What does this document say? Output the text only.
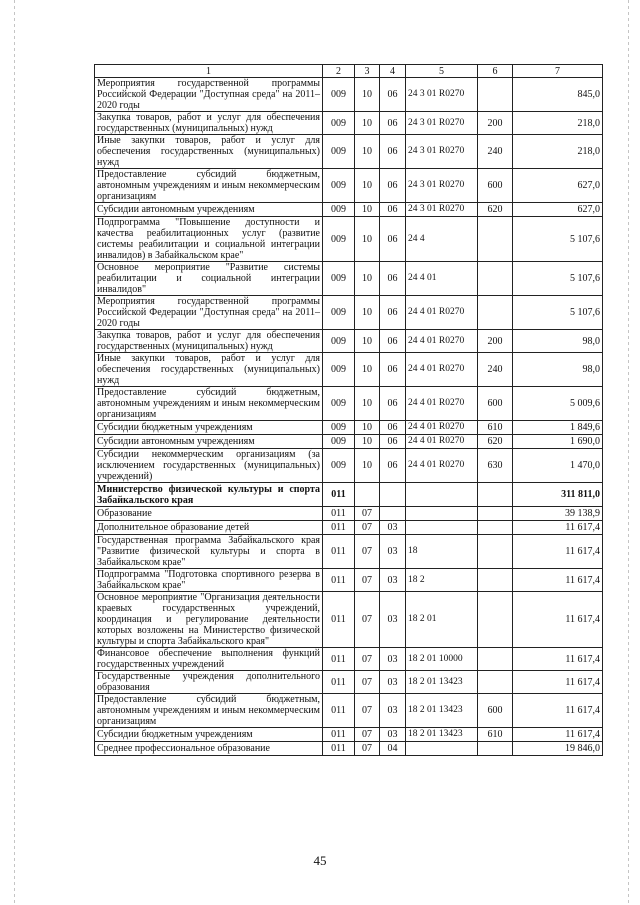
1	2	3	4	5	6	7
Мероприятия государственной программы Российской Федерации "Доступная среда" на 2011–2020 годы	009	10	06	24 3 01 R0270		845,0
Закупка товаров, работ и услуг для обеспечения государственных (муниципальных) нужд	009	10	06	24 3 01 R0270	200	218,0
Иные закупки товаров, работ и услуг для обеспечения государственных (муниципальных) нужд	009	10	06	24 3 01 R0270	240	218,0
Предоставление субсидий бюджетным, автономным учреждениям и иным некоммерческим организациям	009	10	06	24 3 01 R0270	600	627,0
Субсидии автономным учреждениям	009	10	06	24 3 01 R0270	620	627,0
Подпрограмма "Повышение доступности и качества реабилитационных услуг (развитие системы реабилитации и социальной интеграции инвалидов) в Забайкальском крае"	009	10	06	24 4		5 107,6
Основное мероприятие "Развитие системы реабилитации и социальной интеграции инвалидов"	009	10	06	24 4 01		5 107,6
Мероприятия государственной программы Российской Федерации "Доступная среда" на 2011–2020 годы	009	10	06	24 4 01 R0270		5 107,6
Закупка товаров, работ и услуг для обеспечения государственных (муниципальных) нужд	009	10	06	24 4 01 R0270	200	98,0
Иные закупки товаров, работ и услуг для обеспечения государственных (муниципальных) нужд	009	10	06	24 4 01 R0270	240	98,0
Предоставление субсидий бюджетным, автономным учреждениям и иным некоммерческим организациям	009	10	06	24 4 01 R0270	600	5 009,6
Субсидии бюджетным учреждениям	009	10	06	24 4 01 R0270	610	1 849,6
Субсидии автономным учреждениям	009	10	06	24 4 01 R0270	620	1 690,0
Субсидии некоммерческим организациям (за исключением государственных (муниципальных) учреждений)	009	10	06	24 4 01 R0270	630	1 470,0
Министерство физической культуры и спорта Забайкальского края	011					311 811,0
Образование	011	07				39 138,9
Дополнительное образование детей	011	07	03			11 617,4
Государственная программа Забайкальского края "Развитие физической культуры и спорта в Забайкальском крае"	011	07	03	18		11 617,4
Подпрограмма "Подготовка спортивного резерва в Забайкальском крае"	011	07	03	18 2		11 617,4
Основное мероприятие "Организация деятельности краевых государственных учреждений, координация и регулирование деятельности которых возложены на Министерство физической культуры и спорта Забайкальского края"	011	07	03	18 2 01		11 617,4
Финансовое обеспечение выполнения функций государственных учреждений	011	07	03	18 2 01 10000		11 617,4
Государственные учреждения дополнительного образования	011	07	03	18 2 01 13423		11 617,4
Предоставление субсидий бюджетным, автономным учреждениям и иным некоммерческим организациям	011	07	03	18 2 01 13423	600	11 617,4
Субсидии бюджетным учреждениям	011	07	03	18 2 01 13423	610	11 617,4
Среднее профессиональное образование	011	07	04			19 846,0
45
